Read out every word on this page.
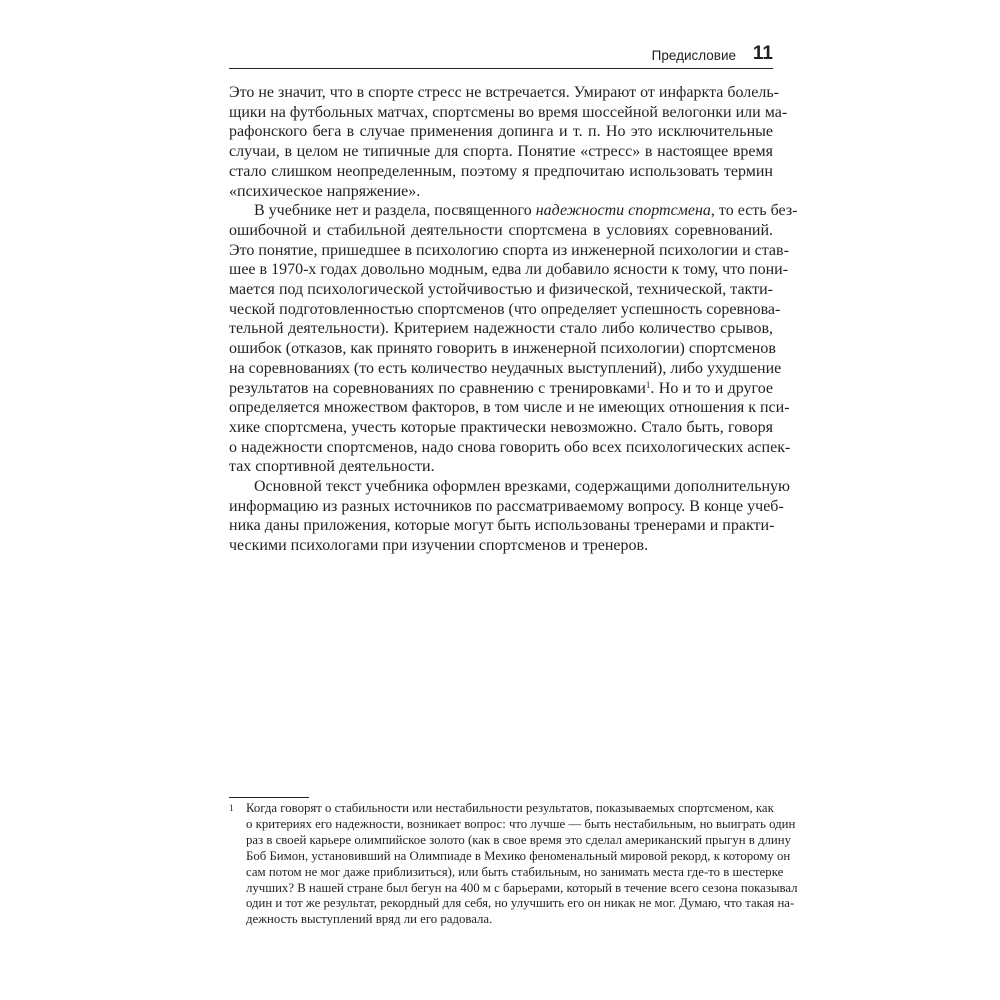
Предисловие 11
Это не значит, что в спорте стресс не встречается. Умирают от инфаркта болель-
щики на футбольных матчах, спортсмены во время шоссейной велогонки или ма-
рафонского бега в случае применения допинга и т. п. Но это исключительные
случаи, в целом не типичные для спорта. Понятие «стресс» в настоящее время
стало слишком неопределенным, поэтому я предпочитаю использовать термин
«психическое напряжение».
В учебнике нет и раздела, посвященного надежности спортсмена, то есть без-
ошибочной и стабильной деятельности спортсмена в условиях соревнований.
Это понятие, пришедшее в психологию спорта из инженерной психологии и став-
шее в 1970-х годах довольно модным, едва ли добавило ясности к тому, что пони-
мается под психологической устойчивостью и физической, технической, такти-
ческой подготовленностью спортсменов (что определяет успешность соревнова-
тельной деятельности). Критерием надежности стало либо количество срывов,
ошибок (отказов, как принято говорить в инженерной психологии) спортсменов
на соревнованиях (то есть количество неудачных выступлений), либо ухудшение
результатов на соревнованиях по сравнению с тренировками$^1$. Но и то и другое
определяется множеством факторов, в том числе и не имеющих отношения к пси-
хике спортсмена, учесть которые практически невозможно. Стало быть, говоря
о надежности спортсменов, надо снова говорить обо всех психологических аспек-
тах спортивной деятельности.
Основной текст учебника оформлен врезками, содержащими дополнительную
информацию из разных источников по рассматриваемому вопросу. В конце учеб-
ника даны приложения, которые могут быть использованы тренерами и практи-
ческими психологами при изучении спортсменов и тренеров.
1 Когда говорят о стабильности или нестабильности результатов, показываемых спортсменом, как
о критериях его надежности, возникает вопрос: что лучше — быть нестабильным, но выиграть один
раз в своей карьере олимпийское золото (как в свое время это сделал американский прыгун в длину
Боб Бимон, установивший на Олимпиаде в Мехико феноменальный мировой рекорд, к которому он
сам потом не мог даже приблизиться), или быть стабильным, но занимать места где-то в шестерке
лучших? В нашей стране был бегун на 400 м с барьерами, который в течение всего сезона показывал
один и тот же результат, рекордный для себя, но улучшить его он никак не мог. Думаю, что такая на-
дежность выступлений вряд ли его радовала.
